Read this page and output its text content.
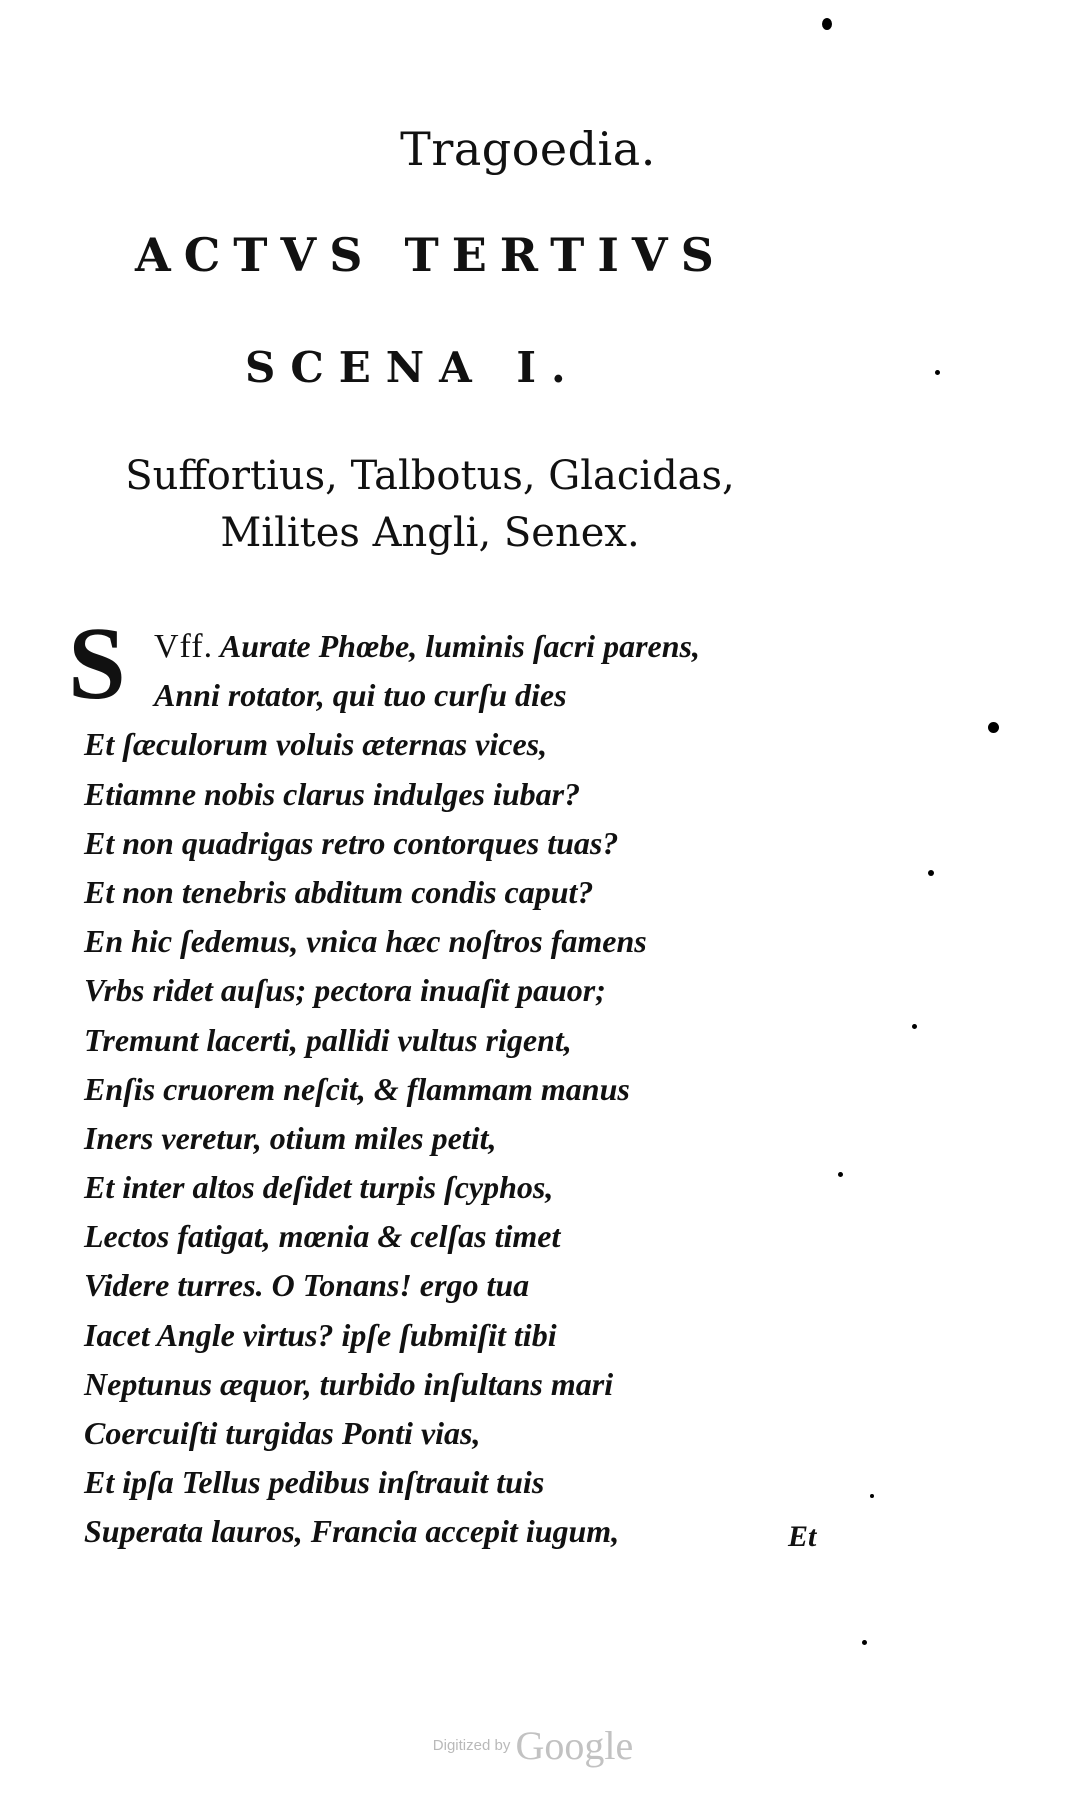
Tragoedia.
ACTVS TERTIVS
SCENA I.
Suffortius, Talbotus, Glacidas,
Milites Angli, Senex.
S Vff. Aurate Phœbe, luminis ſacri parens,
Anni rotator, qui tuo curſu dies
Et ſæculorum voluis æternas vices,
Etiamne nobis clarus indulges iubar?
Et non quadrigas retro contorques tuas?
Et non tenebris abditum condis caput?
En hic ſedemus, vnica hæc noſtros famens
Vrbs ridet auſus; pectora inuaſit pauor;
Tremunt lacerti, pallidi vultus rigent,
Enſis cruorem neſcit, & flammam manus
Iners veretur, otium miles petit,
Et inter altos deſidet turpis ſcyphos,
Lectos fatigat, mœnia & celſas timet
Videre turres. O Tonans! ergo tua
Iacet Angle virtus? ipſe ſubmiſit tibi
Neptunus æquor, turbido inſultans mari
Coercuiſti turgidas Ponti vias,
Et ipſa Tellus pedibus inſtrauit tuis
Superata lauros, Francia accepit iugum,	Et
Digitized by Google
